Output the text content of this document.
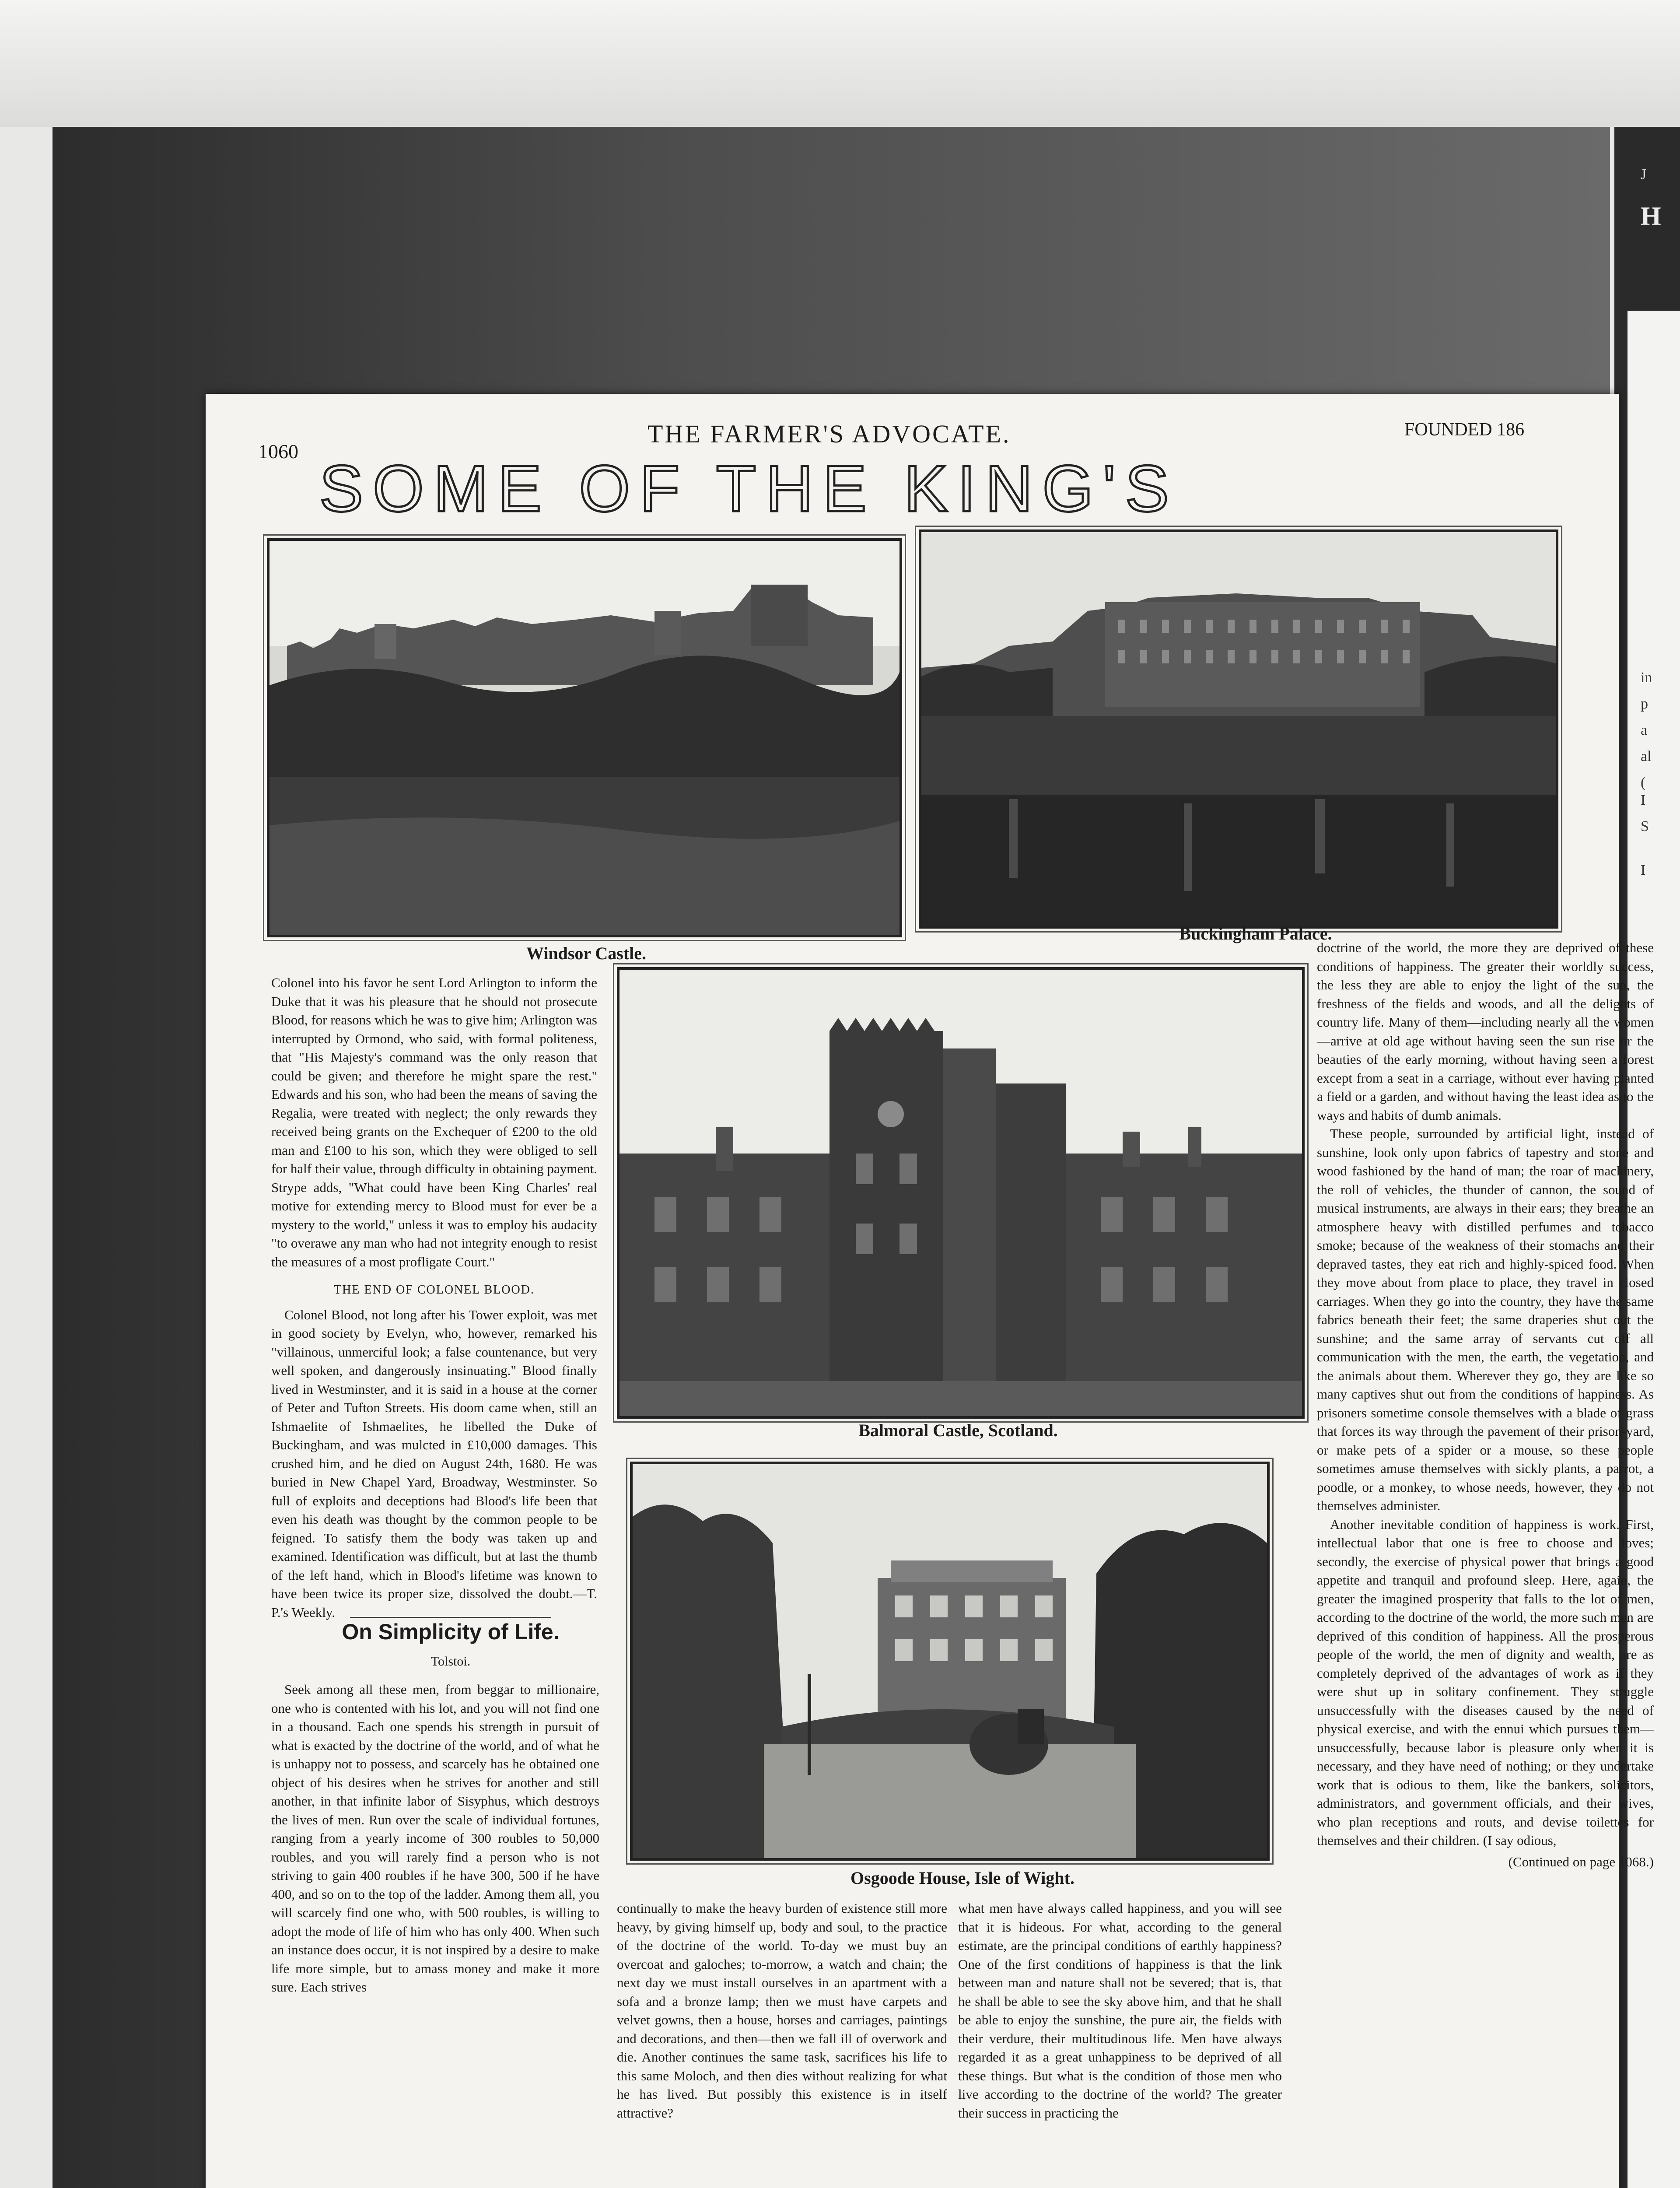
J
H
in
p
a
al
(
I
S
I
1060
THE FARMER'S ADVOCATE.	FOUNDED 186
SOME OF THE KING'S
Windsor Castle.
Buckingham Palace.
Balmoral Castle, Scotland.
Osgoode House, Isle of Wight.

Colonel into his favor he sent Lord Arlington to inform the Duke that it was his pleasure that he should not prosecute Blood, for reasons which he was to give him; Arlington was interrupted by Ormond, who said, with formal politeness, that "His Majesty's command was the only reason that could be given; and therefore he might spare the rest." Edwards and his son, who had been the means of saving the Regalia, were treated with neglect; the only rewards they received being grants on the Exchequer of £200 to the old man and £100 to his son, which they were obliged to sell for half their value, through difficulty in obtaining payment. Strype adds, "What could have been King Charles' real motive for extending mercy to Blood must for ever be a mystery to the world," unless it was to employ his audacity "to overawe any man who had not integrity enough to resist the measures of a most profligate Court."

THE END OF COLONEL BLOOD.

Colonel Blood, not long after his Tower exploit, was met in good society by Evelyn, who, however, remarked his "villainous, unmerciful look; a false countenance, but very well spoken, and dangerously insinuating." Blood finally lived in Westminster, and it is said in a house at the corner of Peter and Tufton Streets. His doom came when, still an Ishmaelite of Ishmaelites, he libelled the Duke of Buckingham, and was mulcted in £10,000 damages. This crushed him, and he died on August 24th, 1680. He was buried in New Chapel Yard, Broadway, Westminster. So full of exploits and deceptions had Blood's life been that even his death was thought by the common people to be feigned. To satisfy them the body was taken up and examined. Identification was difficult, but at last the thumb of the left hand, which in Blood's lifetime was known to have been twice its proper size, dissolved the doubt.—T. P.'s Weekly.

On Simplicity of Life.
Tolstoi.

Seek among all these men, from beggar to millionaire, one who is contented with his lot, and you will not find one in a thousand. Each one spends his strength in pursuit of what is exacted by the doctrine of the world, and of what he is unhappy not to possess, and scarcely has he obtained one object of his desires when he strives for another and still another, in that infinite labor of Sisyphus, which destroys the lives of men. Run over the scale of individual fortunes, ranging from a yearly income of 300 roubles to 50,000 roubles, and you will rarely find a person who is not striving to gain 400 roubles if he have 300, 500 if he have 400, and so on to the top of the ladder. Among them all, you will scarcely find one who, with 500 roubles, is willing to adopt the mode of life of him who has only 400. When such an instance does occur, it is not inspired by a desire to make life more simple, but to amass money and make it more sure. Each strives

continually to make the heavy burden of existence still more heavy, by giving himself up, body and soul, to the practice of the doctrine of the world. To-day we must buy an overcoat and galoches; to-morrow, a watch and chain; the next day we must install ourselves in an apartment with a sofa and a bronze lamp; then we must have carpets and velvet gowns, then a house, horses and carriages, paintings and decorations, and then—then we fall ill of overwork and die. Another continues the same task, sacrifices his life to this same Moloch, and then dies without realizing for what he has lived. But possibly this existence is in itself attractive?

what men have always called happiness, and you will see that it is hideous. For what, according to the general estimate, are the principal conditions of earthly happiness? One of the first conditions of happiness is that the link between man and nature shall not be severed; that is, that he shall be able to see the sky above him, and that he shall be able to enjoy the sunshine, the pure air, the fields with their verdure, their multitudinous life. Men have always regarded it as a great unhappiness to be deprived of all these things. But what is the condition of those men who live according to the doctrine of the world? The greater their success in practicing the

doctrine of the world, the more they are deprived of these conditions of happiness. The greater their worldly success, the less they are able to enjoy the light of the sun, the freshness of the fields and woods, and all the delights of country life. Many of them—including nearly all the women—arrive at old age without having seen the sun rise or the beauties of the early morning, without having seen a forest except from a seat in a carriage, without ever having planted a field or a garden, and without having the least idea as to the ways and habits of dumb animals.

These people, surrounded by artificial light, instead of sunshine, look only upon fabrics of tapestry and stone and wood fashioned by the hand of man; the roar of machinery, the roll of vehicles, the thunder of cannon, the sound of musical instruments, are always in their ears; they breathe an atmosphere heavy with distilled perfumes and tobacco smoke; because of the weakness of their stomachs and their depraved tastes, they eat rich and highly-spiced food. When they move about from place to place, they travel in closed carriages. When they go into the country, they have the same fabrics beneath their feet; the same draperies shut out the sunshine; and the same array of servants cut off all communication with the men, the earth, the vegetation, and the animals about them. Wherever they go, they are like so many captives shut out from the conditions of happiness. As prisoners sometime console themselves with a blade of grass that forces its way through the pavement of their prison-yard, or make pets of a spider or a mouse, so these people sometimes amuse themselves with sickly plants, a parrot, a poodle, or a monkey, to whose needs, however, they do not themselves administer.

Another inevitable condition of happiness is work. First, intellectual labor that one is free to choose and loves; secondly, the exercise of physical power that brings a good appetite and tranquil and profound sleep. Here, again, the greater the imagined prosperity that falls to the lot of men, according to the doctrine of the world, the more such men are deprived of this condition of happiness. All the prosperous people of the world, the men of dignity and wealth, are as completely deprived of the advantages of work as if they were shut up in solitary confinement. They struggle unsuccessfully with the diseases caused by the need of physical exercise, and with the ennui which pursues them—unsuccessfully, because labor is pleasure only when it is necessary, and they have need of nothing; or they undertake work that is odious to them, like the bankers, solicitors, administrators, and government officials, and their wives, who plan receptions and routs, and devise toilettes for themselves and their children. (I say odious,

(Continued on page 1068.)
